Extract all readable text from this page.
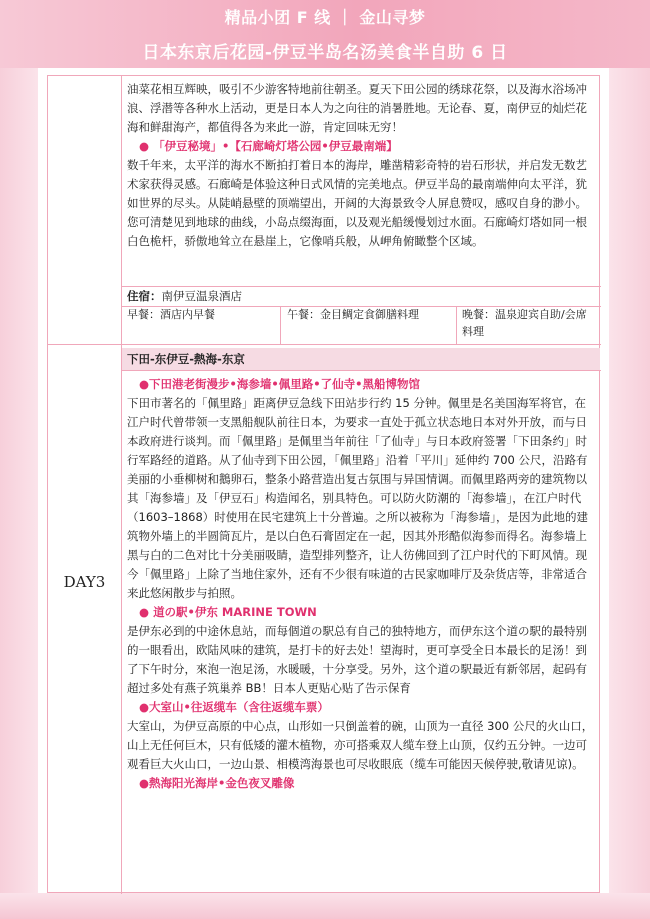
精品小团 F 线 ｜ 金山寻梦
日本东京后花园-伊豆半岛名汤美食半自助 6 日

油菜花相互辉映，吸引不少游客特地前往朝圣。夏天下田公园的绣球花祭，以及海水浴场冲浪、浮潜等各种水上活动，更是日本人为之向往的消暑胜地。无论春、夏，南伊豆的灿烂花海和鲜甜海产，都值得各为来此一游，肯定回味无穷！

● 「伊豆秘境」•【石廊崎灯塔公园•伊豆最南端】

数千年来，太平洋的海水不断拍打着日本的海岸，雕凿精彩奇特的岩石形状，并启发无数艺术家获得灵感。石廊崎是体验这种日式风情的完美地点。伊豆半岛的最南端伸向太平洋，犹如世界的尽头。从陡峭悬壁的顶端望出，开阔的大海景致令人屏息赞叹，感叹自身的渺小。您可清楚见到地球的曲线，小岛点缀海面，以及观光船缓慢划过水面。石廊崎灯塔如同一根白色桅杆，骄傲地耸立在悬崖上，它像哨兵般，从岬角俯瞰整个区域。

住宿：南伊豆温泉酒店
早餐：酒店内早餐	午餐：金目鲷定食御膳料理	晚餐：温泉迎宾自助/会席料理
DAY3
下田-东伊豆-熱海-东京
●下田港老街漫步•海参墙•佩里路•了仙寺•黑船博物馆

下田市著名的「佩里路」距离伊豆急线下田站步行约 15 分钟。佩里是名美国海军将官，在江户时代曾带领一支黑船舰队前往日本，为要求一直处于孤立状态地日本对外开放，而与日本政府进行谈判。而「佩里路」是佩里当年前往「了仙寺」与日本政府签署「下田条约」时行军路经的道路。从了仙寺到下田公园，「佩里路」沿着「平川」延伸约 700 公尺，沿路有美丽的小垂柳树和鵝卵石，整条小路营造出复古氛围与异国情调。而佩里路两旁的建筑物以其「海参墙」及「伊豆石」构造闻名，别具特色。可以防火防潮的「海参墙」，在江户时代（1603–1868）时使用在民宅建筑上十分普遍。之所以被称为「海参墙」，是因为此地的建筑物外墙上的半圆筒瓦片，是以白色石膏固定在一起，因其外形酷似海参而得名。海参墙上黑与白的二色对比十分美丽吸睛，造型排列整齐，让人彷佛回到了江户时代的下町风情。现今「佩里路」上除了当地住家外，还有不少很有味道的古民家咖啡厅及杂货店等，非常适合来此悠闲散步与拍照。

● 道の駅•伊东 MARINE TOWN

是伊东必到的中途休息站，而每個道の駅总有自己的独特地方，而伊东这个道の駅的最特别的一眼看出，欧陆风味的建筑，是打卡的好去处！望海时，更可享受全日本最长的足汤！到了下午时分，來泡一泡足汤，水暖暖，十分享受。另外，这个道の駅最近有新邻居，起码有超过多处有燕子筑巢养 BB！日本人更贴心贴了告示保育

●大室山•往返缆车（含往返缆车票）

大室山，为伊豆高原的中心点，山形如一只倒盖着的碗，山顶为一直径 300 公尺的火山口，山上无任何巨木，只有低矮的灌木植物，亦可搭乘双人缆车登上山顶，仅约五分钟。一边可观看巨大火山口，一边山景、相模湾海景也可尽收眼底（缆车可能因天候停驶,敬请见谅)。

●熱海阳光海岸•金色夜叉雕像
